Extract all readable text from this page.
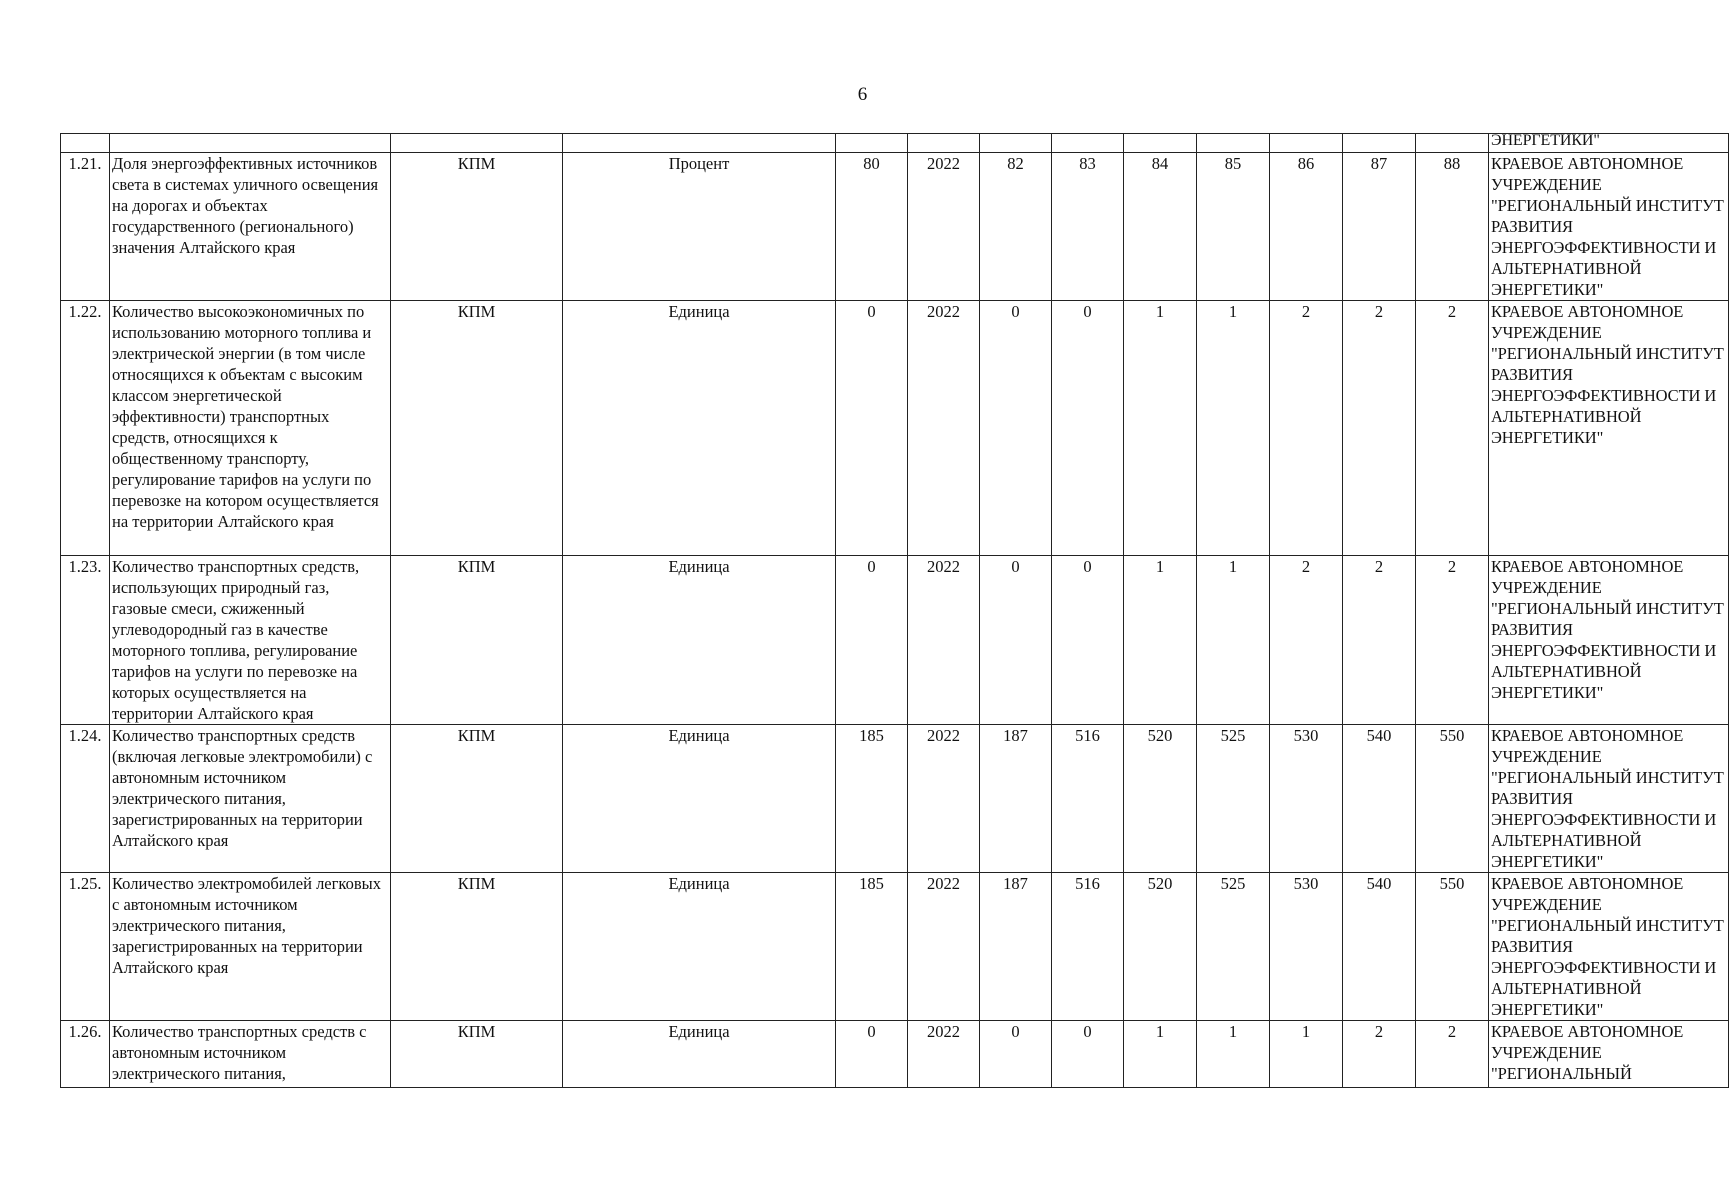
6
													ЭНЕРГЕТИКИ"
1.21.	Доля энергоэффективных источников света в системах уличного освещения на дорогах и объектах государственного (регионального) значения Алтайского края	КПМ	Процент	80	2022	82	83	84	85	86	87	88	КРАЕВОЕ АВТОНОМНОЕ УЧРЕЖДЕНИЕ "РЕГИОНАЛЬНЫЙ ИНСТИТУТ РАЗВИТИЯ ЭНЕРГОЭФФЕКТИВНОСТИ И АЛЬТЕРНАТИВНОЙ ЭНЕРГЕТИКИ"
1.22.	Количество высокоэкономичных по использованию моторного топлива и электрической энергии (в том числе относящихся к объектам с высоким классом энергетической эффективности) транспортных средств, относящихся к общественному транспорту, регулирование тарифов на услуги по перевозке на котором осуществляется на территории Алтайского края	КПМ	Единица	0	2022	0	0	1	1	2	2	2	КРАЕВОЕ АВТОНОМНОЕ УЧРЕЖДЕНИЕ "РЕГИОНАЛЬНЫЙ ИНСТИТУТ РАЗВИТИЯ ЭНЕРГОЭФФЕКТИВНОСТИ И АЛЬТЕРНАТИВНОЙ ЭНЕРГЕТИКИ"
1.23.	Количество транспортных средств, использующих природный газ, газовые смеси, сжиженный углеводородный газ в качестве моторного топлива, регулирование тарифов на услуги по перевозке на которых осуществляется на территории Алтайского края	КПМ	Единица	0	2022	0	0	1	1	2	2	2	КРАЕВОЕ АВТОНОМНОЕ УЧРЕЖДЕНИЕ "РЕГИОНАЛЬНЫЙ ИНСТИТУТ РАЗВИТИЯ ЭНЕРГОЭФФЕКТИВНОСТИ И АЛЬТЕРНАТИВНОЙ ЭНЕРГЕТИКИ"
1.24.	Количество транспортных средств (включая легковые электромобили) с автономным источником электрического питания, зарегистрированных на территории Алтайского края	КПМ	Единица	185	2022	187	516	520	525	530	540	550	КРАЕВОЕ АВТОНОМНОЕ УЧРЕЖДЕНИЕ "РЕГИОНАЛЬНЫЙ ИНСТИТУТ РАЗВИТИЯ ЭНЕРГОЭФФЕКТИВНОСТИ И АЛЬТЕРНАТИВНОЙ ЭНЕРГЕТИКИ"
1.25.	Количество электромобилей легковых с автономным источником электрического питания, зарегистрированных на территории Алтайского края	КПМ	Единица	185	2022	187	516	520	525	530	540	550	КРАЕВОЕ АВТОНОМНОЕ УЧРЕЖДЕНИЕ "РЕГИОНАЛЬНЫЙ ИНСТИТУТ РАЗВИТИЯ ЭНЕРГОЭФФЕКТИВНОСТИ И АЛЬТЕРНАТИВНОЙ ЭНЕРГЕТИКИ"
1.26.	Количество транспортных средств с автономным источником электрического питания,	КПМ	Единица	0	2022	0	0	1	1	1	2	2	КРАЕВОЕ АВТОНОМНОЕ УЧРЕЖДЕНИЕ "РЕГИОНАЛЬНЫЙ
